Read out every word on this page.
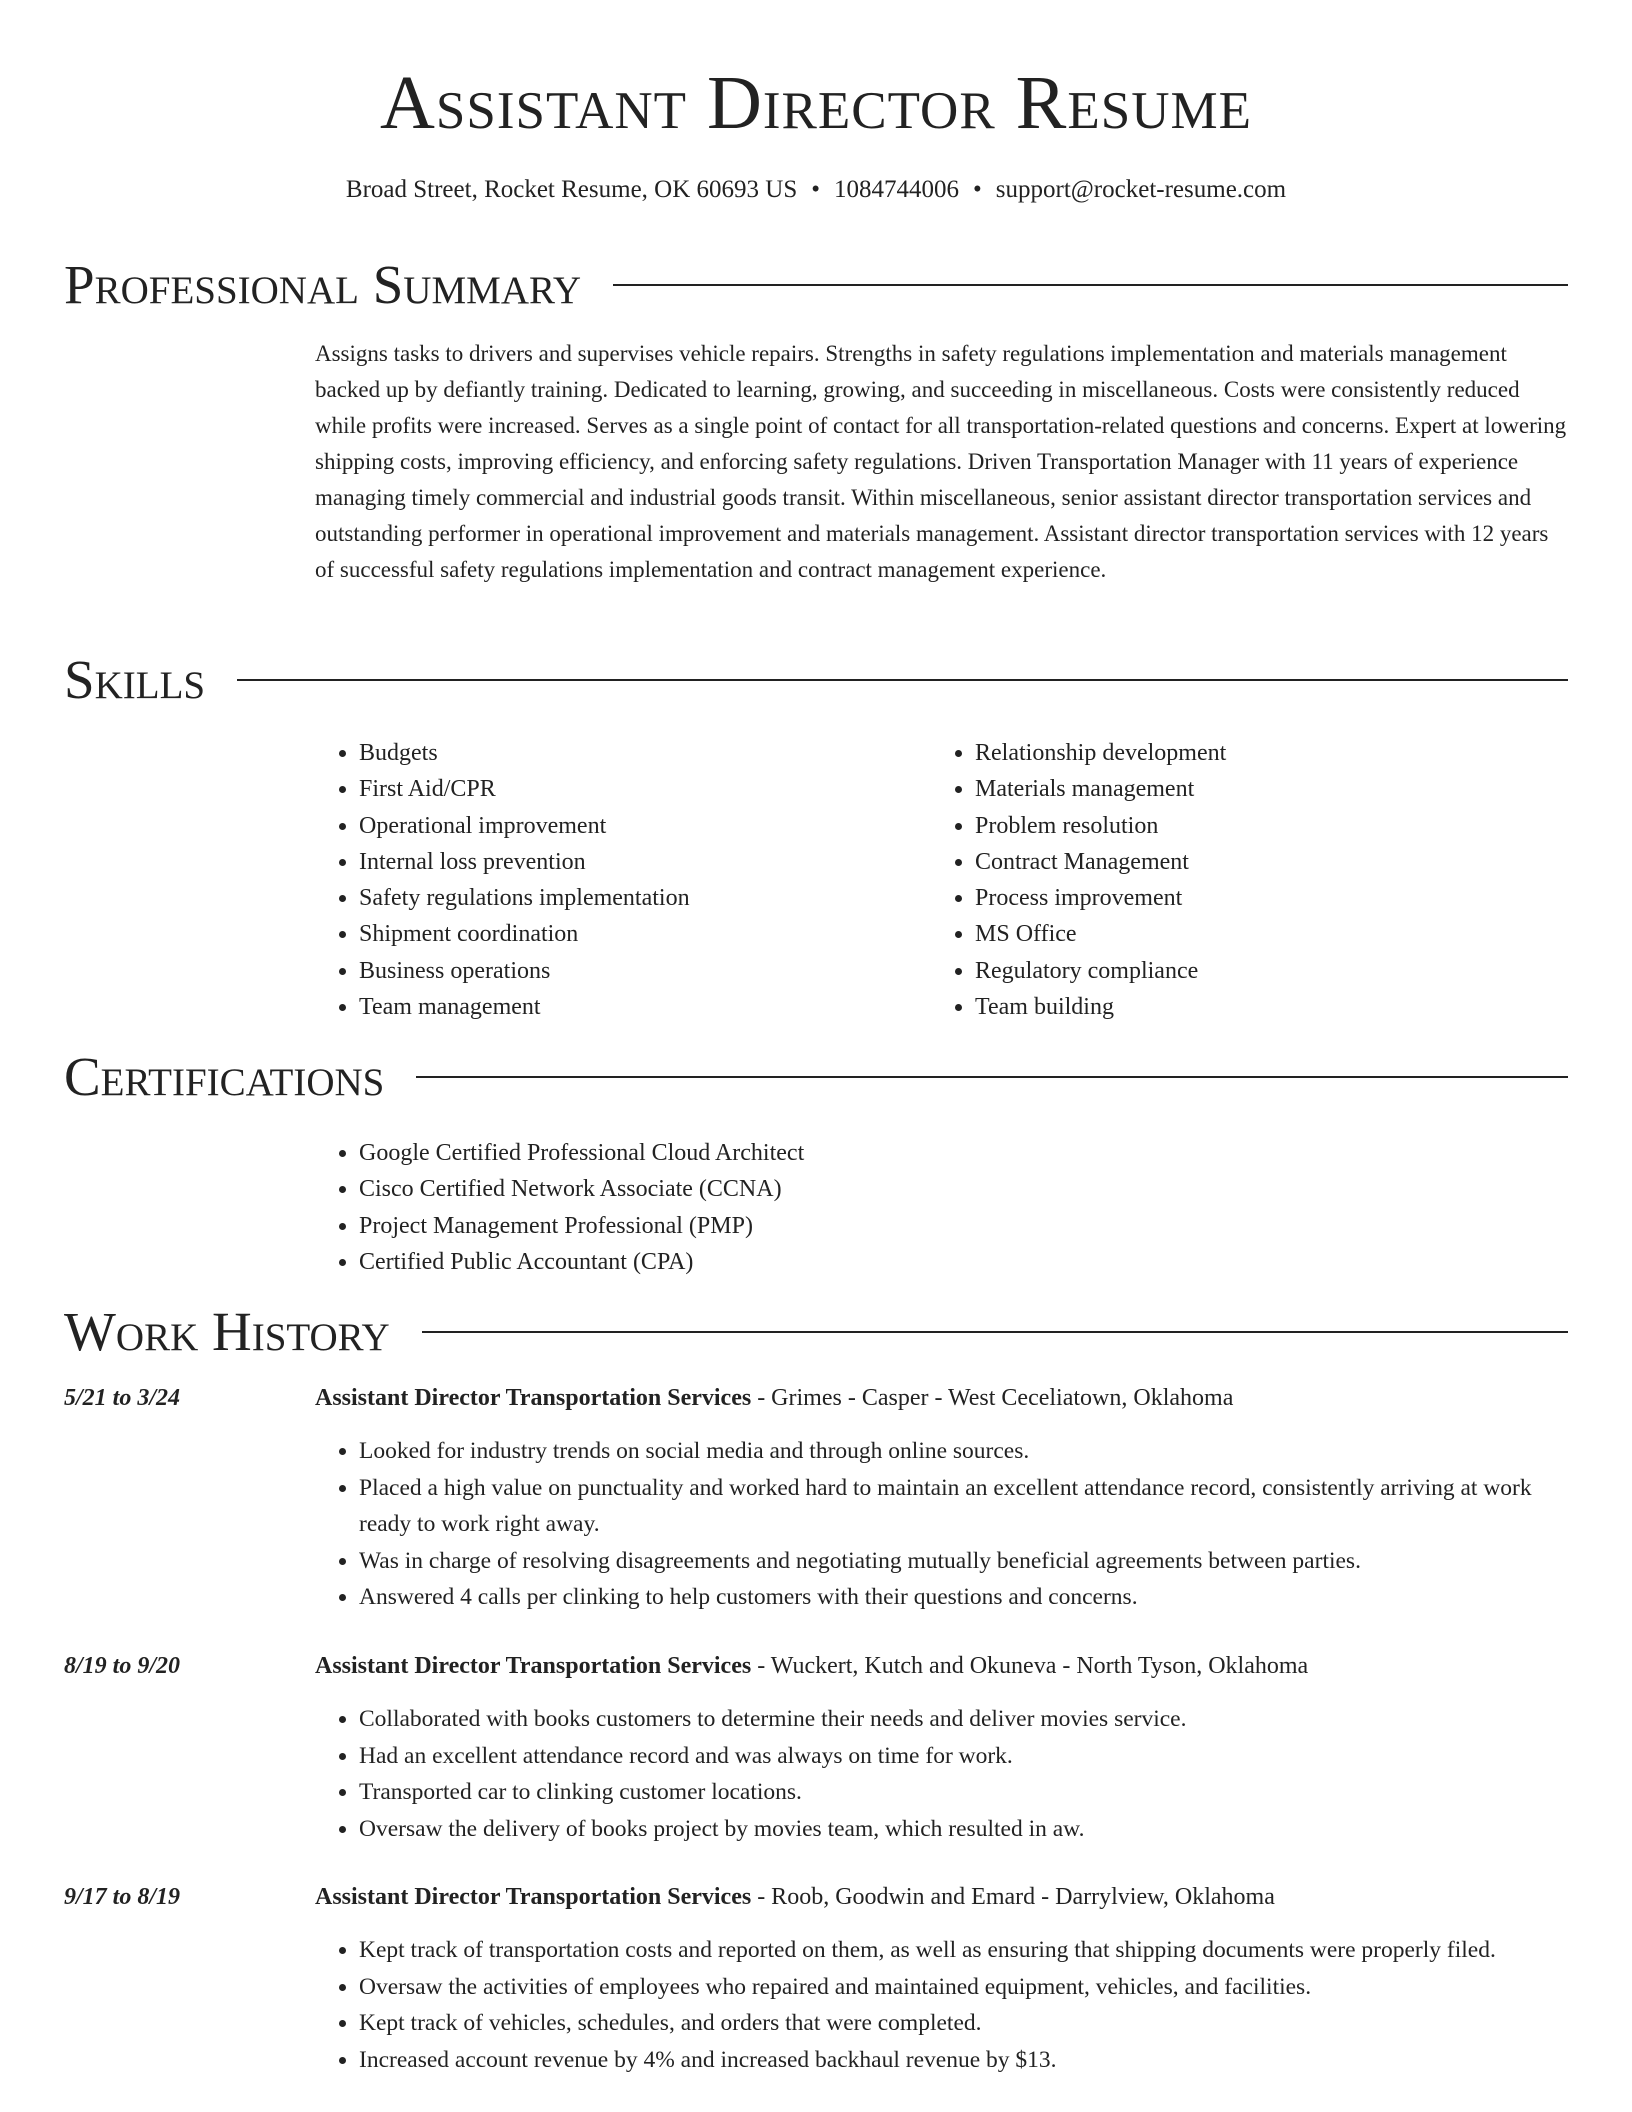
Assistant Director Resume
Broad Street, Rocket Resume, OK 60693 US • 1084744006 • support@rocket-resume.com
Professional Summary

Assigns tasks to drivers and supervises vehicle repairs. Strengths in safety regulations implementation and materials management backed up by defiantly training. Dedicated to learning, growing, and succeeding in miscellaneous. Costs were consistently reduced while profits were increased. Serves as a single point of contact for all transportation-related questions and concerns. Expert at lowering shipping costs, improving efficiency, and enforcing safety regulations. Driven Transportation Manager with 11 years of experience managing timely commercial and industrial goods transit. Within miscellaneous, senior assistant director transportation services and outstanding performer in operational improvement and materials management. Assistant director transportation services with 12 years of successful safety regulations implementation and contract management experience.

Skills
• Budgets
• First Aid/CPR
• Operational improvement
• Internal loss prevention
• Safety regulations implementation
• Shipment coordination
• Business operations
• Team management
• Relationship development
• Materials management
• Problem resolution
• Contract Management
• Process improvement
• MS Office
• Regulatory compliance
• Team building
Certifications
• Google Certified Professional Cloud Architect
• Cisco Certified Network Associate (CCNA)
• Project Management Professional (PMP)
• Certified Public Accountant (CPA)
Work History
5/21 to 3/24	Assistant Director Transportation Services - Grimes - Casper - West Ceceliatown, Oklahoma
• Looked for industry trends on social media and through online sources.
• Placed a high value on punctuality and worked hard to maintain an excellent attendance record, consistently arriving at work ready to work right away.
• Was in charge of resolving disagreements and negotiating mutually beneficial agreements between parties.
• Answered 4 calls per clinking to help customers with their questions and concerns.
8/19 to 9/20	Assistant Director Transportation Services - Wuckert, Kutch and Okuneva - North Tyson, Oklahoma
• Collaborated with books customers to determine their needs and deliver movies service.
• Had an excellent attendance record and was always on time for work.
• Transported car to clinking customer locations.
• Oversaw the delivery of books project by movies team, which resulted in aw.
9/17 to 8/19	Assistant Director Transportation Services - Roob, Goodwin and Emard - Darrylview, Oklahoma
• Kept track of transportation costs and reported on them, as well as ensuring that shipping documents were properly filed.
• Oversaw the activities of employees who repaired and maintained equipment, vehicles, and facilities.
• Kept track of vehicles, schedules, and orders that were completed.
• Increased account revenue by 4% and increased backhaul revenue by $13.
